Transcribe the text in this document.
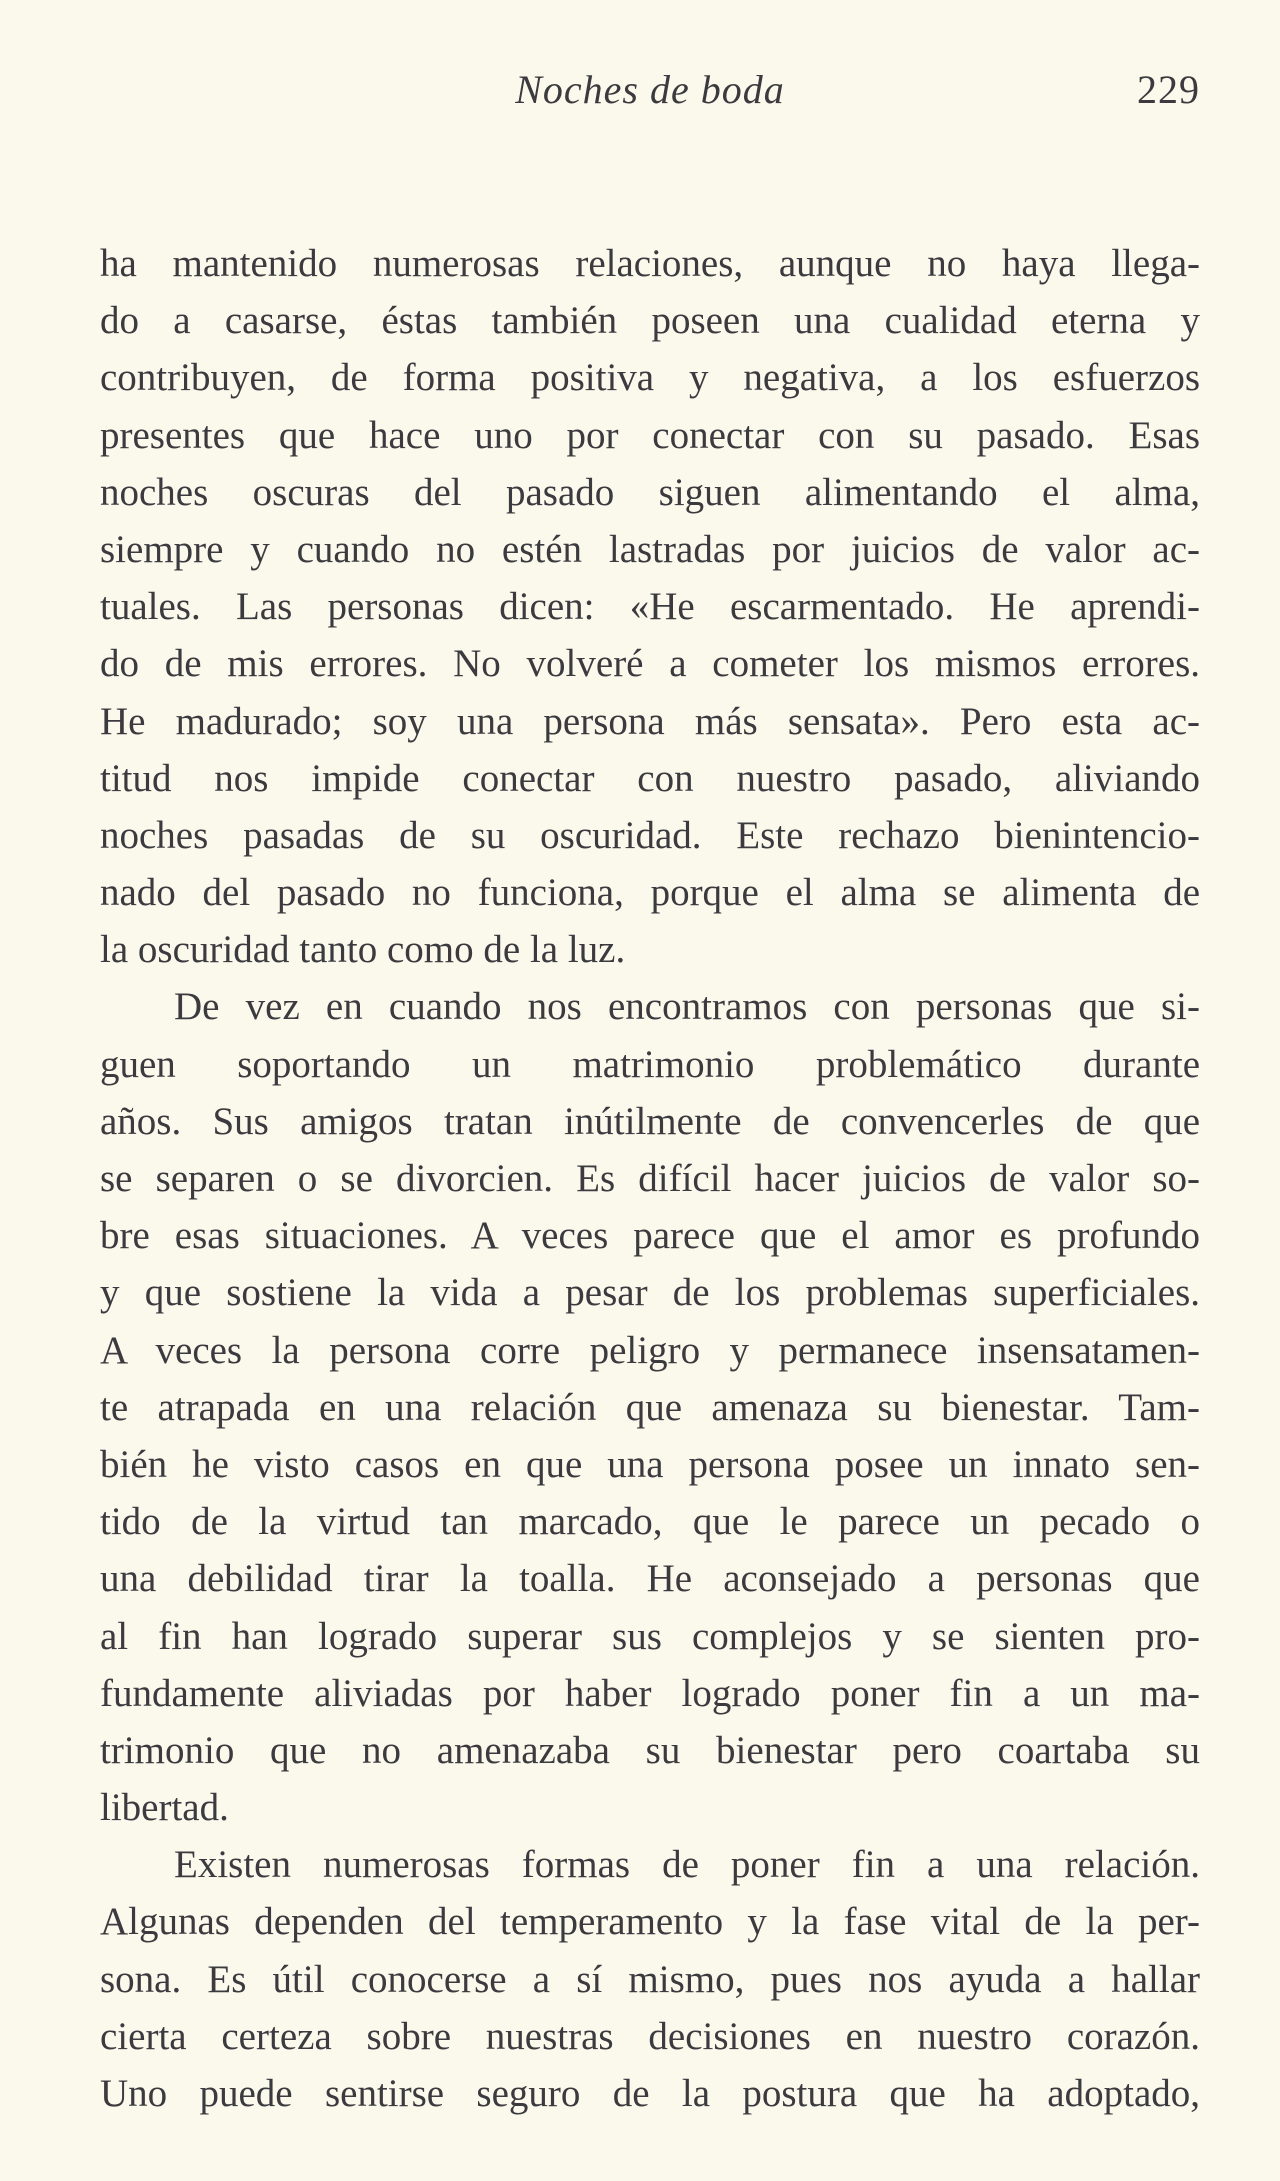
Noches de boda	229
ha mantenido numerosas relaciones, aunque no haya llega-
do a casarse, éstas también poseen una cualidad eterna y
contribuyen, de forma positiva y negativa, a los esfuerzos
presentes que hace uno por conectar con su pasado. Esas
noches oscuras del pasado siguen alimentando el alma,
siempre y cuando no estén lastradas por juicios de valor ac-
tuales. Las personas dicen: «He escarmentado. He aprendi-
do de mis errores. No volveré a cometer los mismos errores.
He madurado; soy una persona más sensata». Pero esta ac-
titud nos impide conectar con nuestro pasado, aliviando
noches pasadas de su oscuridad. Este rechazo bienintencio-
nado del pasado no funciona, porque el alma se alimenta de
la oscuridad tanto como de la luz.
De vez en cuando nos encontramos con personas que si-
guen soportando un matrimonio problemático durante
años. Sus amigos tratan inútilmente de convencerles de que
se separen o se divorcien. Es difícil hacer juicios de valor so-
bre esas situaciones. A veces parece que el amor es profundo
y que sostiene la vida a pesar de los problemas superficiales.
A veces la persona corre peligro y permanece insensatamen-
te atrapada en una relación que amenaza su bienestar. Tam-
bién he visto casos en que una persona posee un innato sen-
tido de la virtud tan marcado, que le parece un pecado o
una debilidad tirar la toalla. He aconsejado a personas que
al fin han logrado superar sus complejos y se sienten pro-
fundamente aliviadas por haber logrado poner fin a un ma-
trimonio que no amenazaba su bienestar pero coartaba su
libertad.
Existen numerosas formas de poner fin a una relación.
Algunas dependen del temperamento y la fase vital de la per-
sona. Es útil conocerse a sí mismo, pues nos ayuda a hallar
cierta certeza sobre nuestras decisiones en nuestro corazón.
Uno puede sentirse seguro de la postura que ha adoptado,
